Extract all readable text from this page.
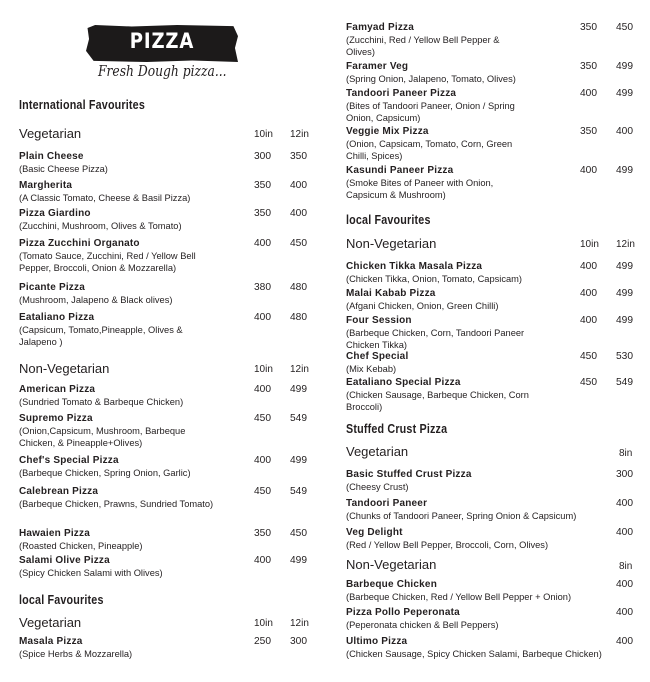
PIZZA
Fresh Dough pizza...
International Favourites
Vegetarian	10in 12in
Plain Cheese
(Basic Cheese Pizza)
300 350
Margherita
(A Classic Tomato, Cheese & Basil Pizza)
350 400
Pizza Giardino
(Zucchini, Mushroom, Olives & Tomato)
350 400
Pizza Zucchini Organato
(Tomato Sauce, Zucchini, Red / Yellow Bell Pepper, Broccoli, Onion & Mozzarella)
400 450
Picante Pizza
(Mushroom, Jalapeno & Black olives)
380 480
Eataliano Pizza
(Capsicum, Tomato,Pineapple, Olives & Jalapeno )
400 480
Non-Vegetarian	10in 12in
American Pizza
(Sundried Tomato & Barbeque Chicken)
400 499
Supremo Pizza
(Onion,Capsicum, Mushroom, Barbeque Chicken, & Pineapple+Olives)
450 549
Chef's Special Pizza
(Barbeque Chicken, Spring Onion, Garlic)
400 499
Calebrean Pizza
(Barbeque Chicken, Prawns, Sundried Tomato)
450 549
Hawaien Pizza
(Roasted Chicken, Pineapple)
350 450
Salami Olive Pizza
(Spicy Chicken Salami with Olives)
400 499
local Favourites
Vegetarian	10in 12in
Masala Pizza
(Spice Herbs & Mozzarella)
250 300
Famyad Pizza
(Zucchini, Red / Yellow Bell Pepper & Olives)
350 450
Faramer Veg
(Spring Onion, Jalapeno, Tomato, Olives)
350 499
Tandoori Paneer Pizza
(Bites of Tandoori Paneer, Onion / Spring Onion, Capsicum)
400 499
Veggie Mix Pizza
(Onion, Capsicam, Tomato, Corn, Green Chilli, Spices)
350 400
Kasundi Paneer Pizza
(Smoke Bites of Paneer with Onion, Capsicum & Mushroom)
400 499
local Favourites
Non-Vegetarian	10in 12in
Chicken Tikka Masala Pizza
(Chicken Tikka, Onion, Tomato, Capsicam)
400 499
Malai Kabab Pizza
(Afgani Chicken, Onion, Green Chilli)
400 499
Four Session
(Barbeque Chicken, Corn, Tandoori Paneer Chicken Tikka)
400 499
Chef Special
(Mix Kebab)
450 530
Eataliano Special Pizza
(Chicken Sausage, Barbeque Chicken, Corn Broccoli)
450 549
Stuffed Crust Pizza
Vegetarian	8in
Basic Stuffed Crust Pizza
(Cheesy Crust)
300
Tandoori Paneer
(Chunks of Tandoori Paneer, Spring Onion & Capsicum)
400
Veg Delight
(Red / Yellow Bell Pepper, Broccoli, Corn, Olives)
400
Non-Vegetarian	8in
Barbeque Chicken
(Barbeque Chicken, Red / Yellow Bell Pepper + Onion)
400
Pizza Pollo Peperonata
(Peperonata chicken & Bell Peppers)
400
Ultimo Pizza
(Chicken Sausage, Spicy Chicken Salami, Barbeque Chicken)
400
